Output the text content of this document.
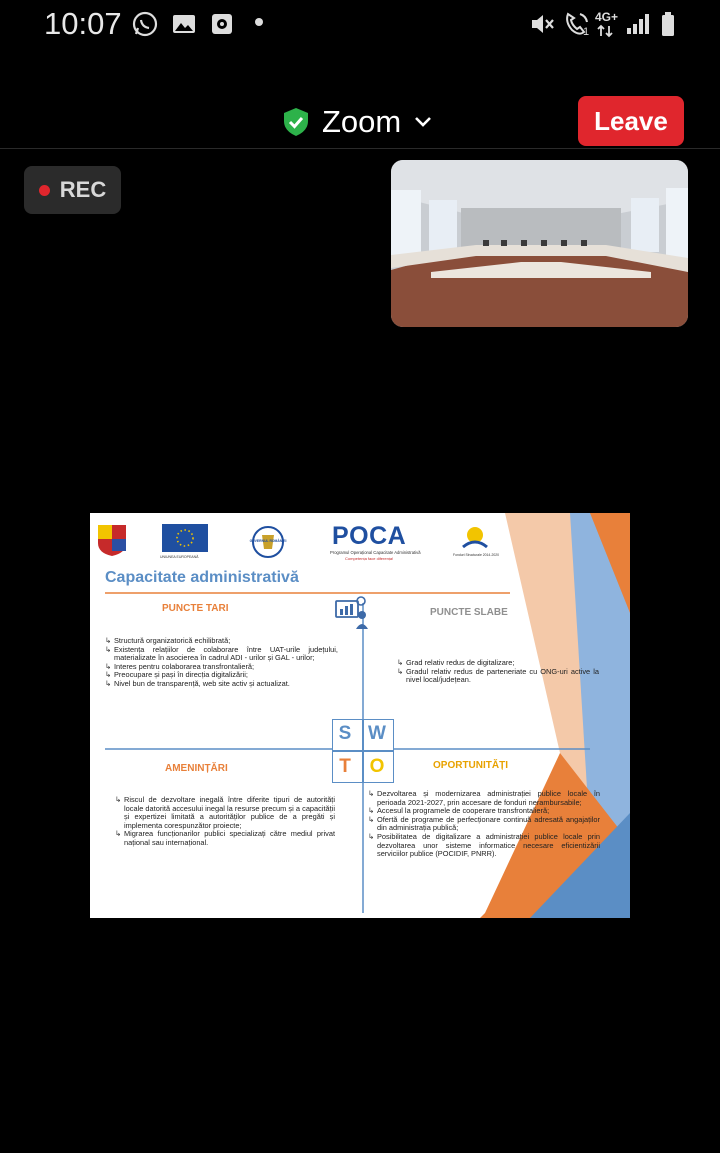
10:07	1
4G+
Zoom	Leave
REC
UNIUNEA EUROPEANĂ
GUVERNUL ROMÂNIEI POCA
Programul Operațional Capacitate Administrativă
Competența face diferența!
Fonduri Structurale 2014-2020
Capacitate administrativă
PUNCTE TARI	PUNCTE SLABE
AMENINȚĂRI	OPORTUNITĂȚI
↳ Structură organizatorică echilibrată;
↳ Existența relațiilor de colaborare între UAT-urile județului, materializate în asocierea în cadrul ADI - urilor și GAL - urilor;
↳ Interes pentru colaborarea transfrontalieră;
↳ Preocupare și pași în direcția digitalizării;
↳ Nivel bun de transparență, web site activ și actualizat.
↳ Grad relativ redus de digitalizare;
↳ Gradul relativ redus de parteneriate cu ONG-uri active la nivel local/județean.
↳ Riscul de dezvoltare inegală între diferite tipuri de autorități locale datorită accesului inegal la resurse precum și a capacității și expertizei limitată a autorităților publice de a pregăti și implementa corespunzător proiecte;
↳ Migrarea funcționarilor publici specializați către mediul privat național sau internațional.
↳ Dezvoltarea și modernizarea administrației publice locale în perioada 2021-2027, prin accesare de fonduri nerambursabile;
↳ Accesul la programele de cooperare transfrontalieră;
↳ Ofertă de programe de perfecționare continuă adresată angajaților din administrația publică;
↳ Posibilitatea de digitalizare a administrației publice locale prin dezvoltarea unor sisteme informatice necesare eficientizării serviciilor publice (POCIDIF, PNRR).
S W
T O
